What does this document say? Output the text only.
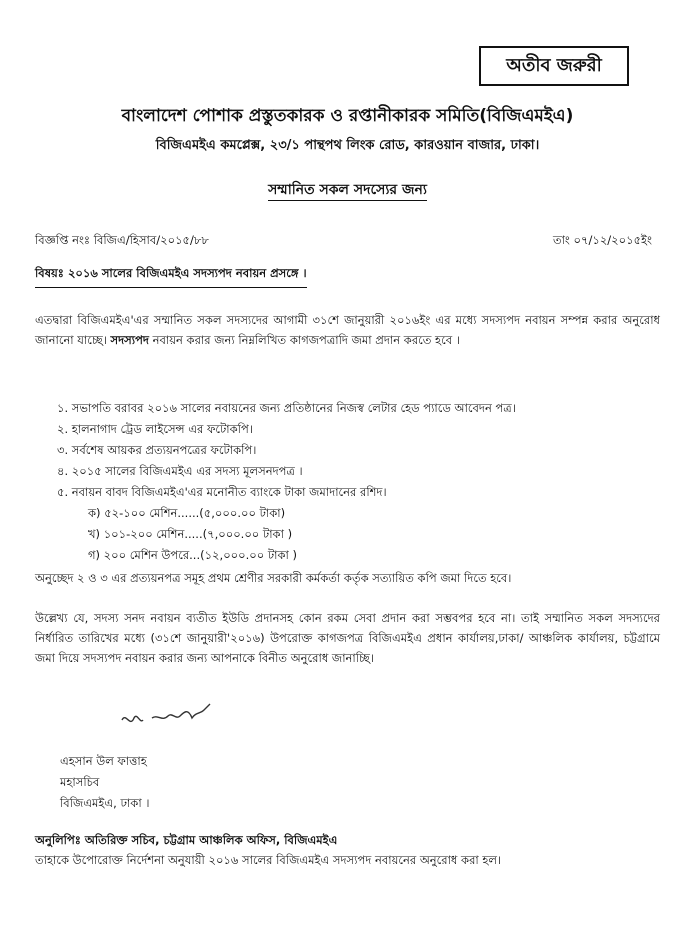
অতীব জরুরী
বাংলাদেশ পোশাক প্রস্তুতকারক ও রপ্তানীকারক সমিতি(বিজিএমইএ)
বিজিএমইএ কমপ্লেক্স, ২৩/১ পান্থপথ লিংক রোড, কারওয়ান বাজার, ঢাকা।
সম্মানিত সকল সদস্যের জন্য
বিজ্ঞপ্তি নংঃ বিজিএ/হিসাব/২০১৫/৮৮	তাং ০৭/১২/২০১৫ইং
বিষয়ঃ ২০১৬ সালের বিজিএমইএ সদস্যপদ নবায়ন প্রসঙ্গে ।

এতদ্বারা বিজিএমইএ'এর সম্মানিত সকল সদস্যদের আগামী ৩১শে জানুয়ারী ২০১৬ইং এর মধ্যে সদস্যপদ নবায়ন সম্পন্ন করার অনুরোধ জানানো যাচ্ছে। সদস্যপদ নবায়ন করার জন্য নিম্নলিখিত কাগজপত্রাদি জমা প্রদান করতে হবে ।

১. সভাপতি বরাবর ২০১৬ সালের নবায়নের জন্য প্রতিষ্ঠানের নিজস্ব লেটার হেড প্যাডে আবেদন পত্র।
২. হালনাগাদ ট্রেড লাইসেন্স এর ফটোকপি।
৩. সর্বশেষ আয়কর প্রত্যয়নপত্রের ফটোকপি।
৪. ২০১৫ সালের বিজিএমইএ এর সদস্য মূলসনদপত্র ।
৫. নবায়ন বাবদ বিজিএমইএ'এর মনোনীত ব্যাংকে টাকা জমাদানের রশিদ।
ক) ৫২-১০০ মেশিন......(৫,০০০.০০ টাকা)
খ) ১০১-২০০ মেশিন.....(৭,০০০.০০ টাকা )
গ) ২০০ মেশিন উপরে...(১২,০০০.০০ টাকা )

অনুচ্ছেদ ২ ও ৩ এর প্রত্যয়নপত্র সমূহ প্রথম শ্রেণীর সরকারী কর্মকর্তা কর্তৃক সত্যায়িত কপি জমা দিতে হবে।

উল্লেখ্য যে, সদস্য সনদ নবায়ন ব্যতীত ইউডি প্রদানসহ কোন রকম সেবা প্রদান করা সম্ভবপর হবে না। তাই সম্মানিত সকল সদস্যদের নির্ধারিত তারিখের মধ্যে (৩১শে জানুয়ারী'২০১৬) উপরোক্ত কাগজপত্র বিজিএমইএ প্রধান কার্যালয়,ঢাকা/ আঞ্চলিক কার্যালয়, চট্টগ্রামে জমা দিয়ে সদস্যপদ নবায়ন করার জন্য আপনাকে বিনীত অনুরোধ জানাচ্ছি।

এহসান উল ফাত্তাহ
মহাসচিব
বিজিএমইএ, ঢাকা ।
অনুলিপিঃ অতিরিক্ত সচিব, চট্টগ্রাম আঞ্চলিক অফিস, বিজিএমইএ
তাহাকে উপোরোক্ত নির্দেশনা অনুযায়ী ২০১৬ সালের বিজিএমইএ সদস্যপদ নবায়নের অনুরোধ করা হল।
